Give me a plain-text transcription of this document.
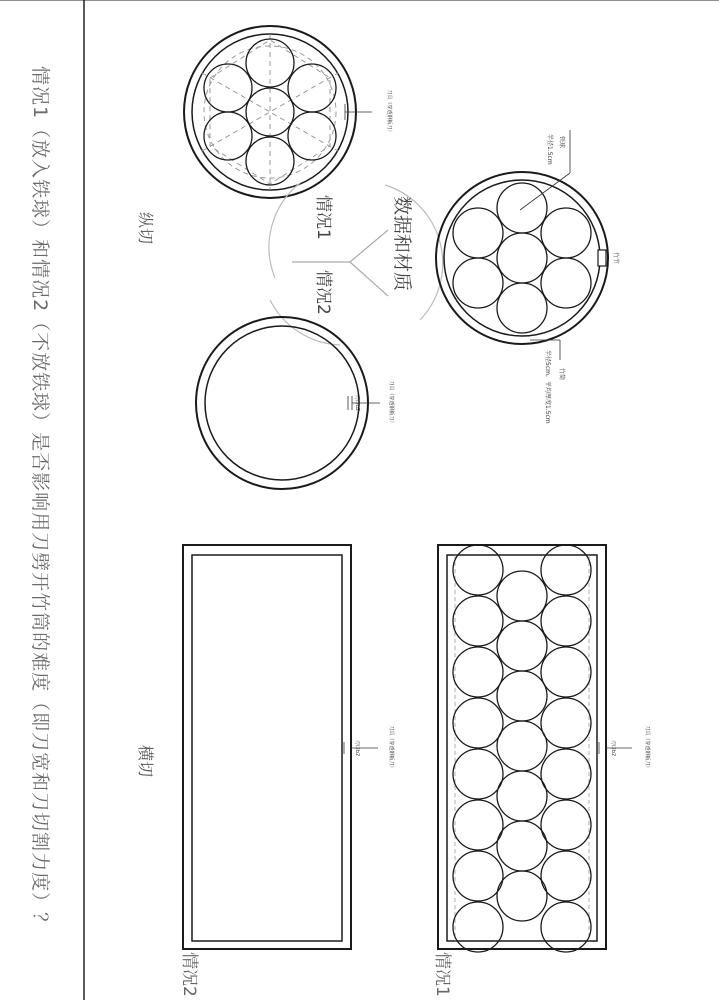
情况1（放入铁球）和情况2（不放铁球）是否影响用刀劈开竹筒的难度（即刀宽和刀切割力度）？	纵切
横切
刀具（穿透钢板刀）
数据和材质
情况1
情况2
竹节
铁球
半径1.5cm
竹筒
半径5cm，平均厚度1.5cm
刀具（穿透钢板刀）
刃口b2
刀具（穿透钢板刀）
刃口b2
情况2
刀具（穿透钢板刀）
刃口b2
情况1
